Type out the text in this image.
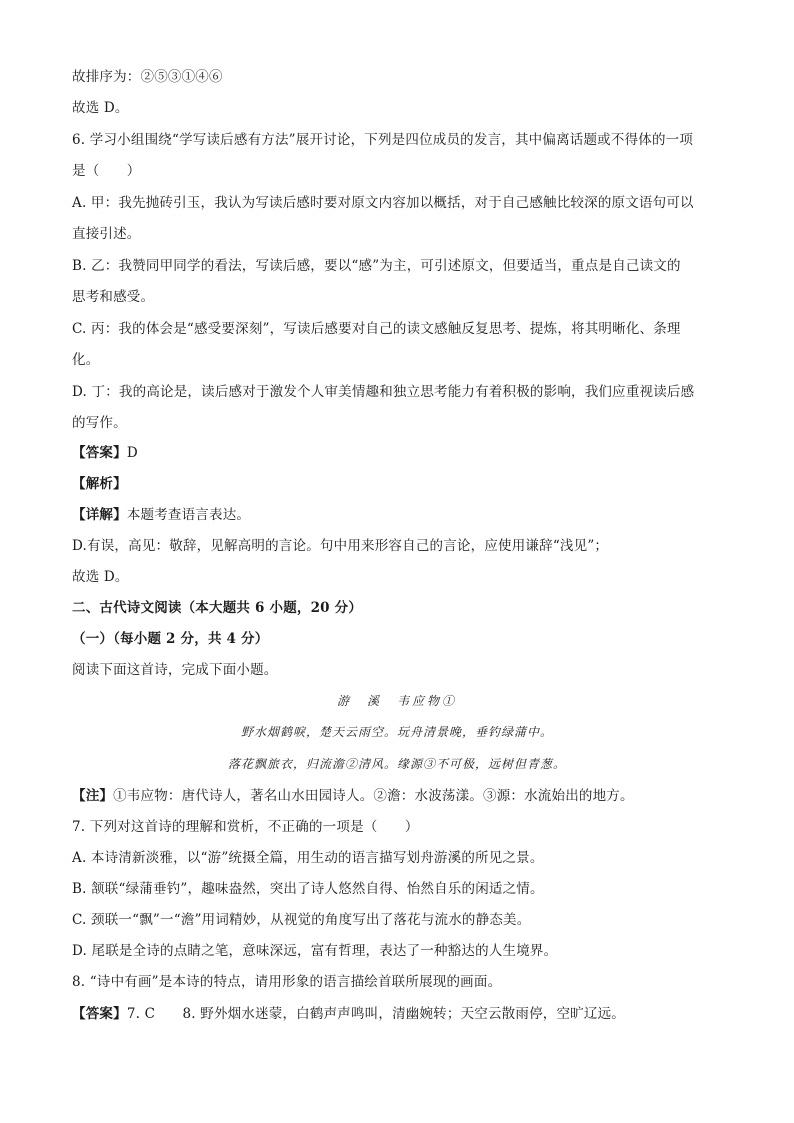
故排序为：②⑤③①④⑥
故选 D。
6. 学习小组围绕“学写读后感有方法”展开讨论，下列是四位成员的发言，其中偏离话题或不得体的一项
是（　　）
A. 甲：我先抛砖引玉，我认为写读后感时要对原文内容加以概括，对于自己感触比较深的原文语句可以
直接引述。
B. 乙：我赞同甲同学的看法，写读后感，要以“感”为主，可引述原文，但要适当，重点是自己读文的
思考和感受。
C. 丙：我的体会是“感受要深刻”，写读后感要对自己的读文感触反复思考、提炼，将其明晰化、条理
化。
D. 丁：我的高论是，读后感对于激发个人审美情趣和独立思考能力有着积极的影响，我们应重视读后感
的写作。
【答案】D
【解析】
【详解】本题考查语言表达。
D.有误，高见：敬辞，见解高明的言论。句中用来形容自己的言论，应使用谦辞“浅见”；
故选 D。
二、古代诗文阅读（本大题共 6 小题，20 分）
（一）（每小题 2 分，共 4 分）
阅读下面这首诗，完成下面小题。
游　溪　韦应物①
野水烟鹤唳，楚天云雨空。玩舟清景晚，垂钓绿蒲中。
落花飘旅衣，归流澹②清风。缘源③不可极，远树但青葱。
【注】①韦应物：唐代诗人，著名山水田园诗人。②澹：水波荡漾。③源：水流始出的地方。
7. 下列对这首诗的理解和赏析，不正确的一项是（　　）
A. 本诗清新淡雅，以“游”统摄全篇，用生动的语言描写划舟游溪的所见之景。
B. 颔联“绿蒲垂钓”，趣味盎然，突出了诗人悠然自得、怡然自乐的闲适之情。
C. 颈联一“飘”一“澹”用词精妙，从视觉的角度写出了落花与流水的静态美。
D. 尾联是全诗的点睛之笔，意味深远，富有哲理，表达了一种豁达的人生境界。
8. “诗中有画”是本诗的特点，请用形象的语言描绘首联所展现的画面。
【答案】7. C　　8. 野外烟水迷蒙，白鹤声声鸣叫，清幽婉转；天空云散雨停，空旷辽远。
